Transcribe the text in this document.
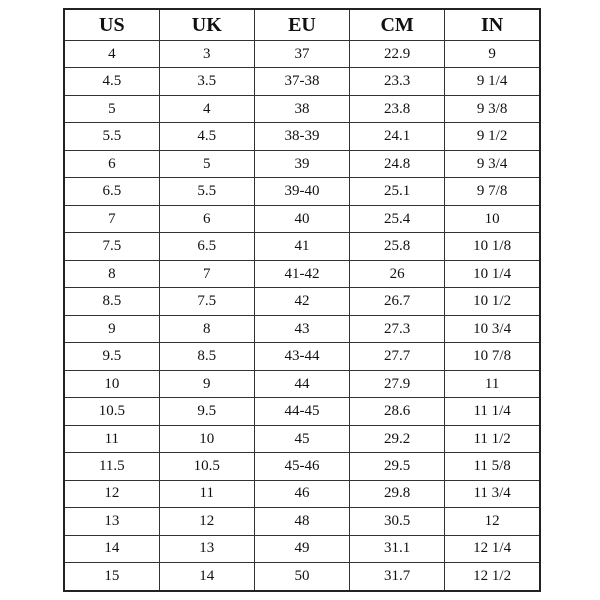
US	UK	EU	CM	IN
4	3	37	22.9	9
4.5	3.5	37-38	23.3	9 1/4
5	4	38	23.8	9 3/8
5.5	4.5	38-39	24.1	9 1/2
6	5	39	24.8	9 3/4
6.5	5.5	39-40	25.1	9 7/8
7	6	40	25.4	10
7.5	6.5	41	25.8	10 1/8
8	7	41-42	26	10 1/4
8.5	7.5	42	26.7	10 1/2
9	8	43	27.3	10 3/4
9.5	8.5	43-44	27.7	10 7/8
10	9	44	27.9	11
10.5	9.5	44-45	28.6	11 1/4
11	10	45	29.2	11 1/2
11.5	10.5	45-46	29.5	11 5/8
12	11	46	29.8	11 3/4
13	12	48	30.5	12
14	13	49	31.1	12 1/4
15	14	50	31.7	12 1/2
